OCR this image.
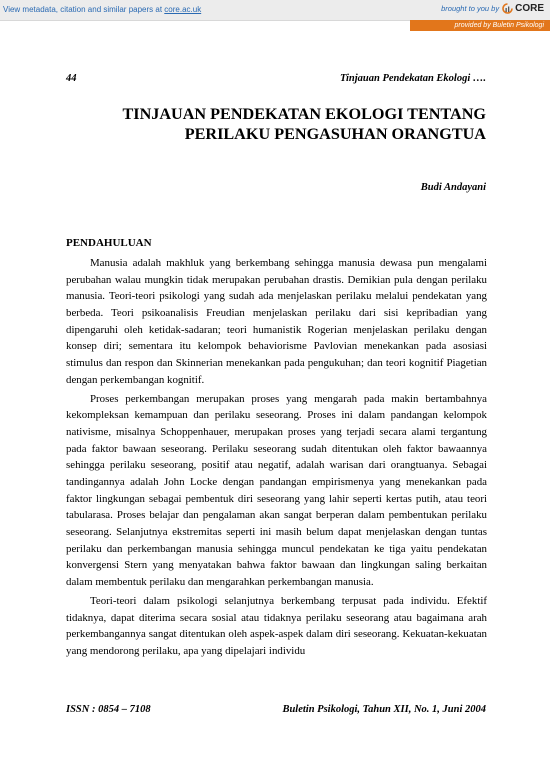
View metadata, citation and similar papers at core.ac.uk	brought to you by CORE
provided by Buletin Psikologi
44	Tinjauan Pendekatan Ekologi ….
TINJAUAN PENDEKATAN EKOLOGI TENTANG
PERILAKU PENGASUHAN ORANGTUA
Budi Andayani
PENDAHULUAN

Manusia adalah makhluk yang berkembang sehingga manusia dewasa pun mengalami perubahan walau mungkin tidak merupakan perubahan drastis. Demikian pula dengan perilaku manusia. Teori-teori psikologi yang sudah ada menjelaskan perilaku melalui pendekatan yang berbeda. Teori psikoanalisis Freudian menjelaskan perilaku dari sisi kepribadian yang dipengaruhi oleh ketidak-sadaran; teori humanistik Rogerian menjelaskan perilaku dengan konsep diri; sementara itu kelompok behaviorisme Pavlovian menekankan pada asosiasi stimulus dan respon dan Skinnerian menekankan pada pengukuhan; dan teori kognitif Piagetian dengan perkembangan kognitif.

Proses perkembangan merupakan proses yang mengarah pada makin bertambahnya kekompleksan kemampuan dan perilaku seseorang. Proses ini dalam pandangan kelompok nativisme, misalnya Schoppenhauer, merupakan proses yang terjadi secara alami tergantung pada faktor bawaan seseorang. Perilaku seseorang sudah ditentukan oleh faktor bawaannya sehingga perilaku seseorang, positif atau negatif, adalah warisan dari orangtuanya. Sebagai tandingannya adalah John Locke dengan pandangan empirismenya yang menekankan pada faktor lingkungan sebagai pembentuk diri seseorang yang lahir seperti kertas putih, atau teori tabularasa. Proses belajar dan pengalaman akan sangat berperan dalam pembentukan perilaku seseorang. Selanjutnya ekstremitas seperti ini masih belum dapat menjelaskan dengan tuntas perilaku dan perkembangan manusia sehingga muncul pendekatan ke tiga yaitu pendekatan konvergensi Stern yang menyatakan bahwa faktor bawaan dan lingkungan saling berkaitan dalam membentuk perilaku dan mengarahkan perkembangan manusia.

Teori-teori dalam psikologi selanjutnya berkembang terpusat pada individu. Efektif tidaknya, dapat diterima secara sosial atau tidaknya perilaku seseorang atau bagaimana arah perkembangannya sangat ditentukan oleh aspek-aspek dalam diri seseorang. Kekuatan-kekuatan yang mendorong perilaku, apa yang dipelajari individu

ISSN : 0854 – 7108	Buletin Psikologi, Tahun XII, No. 1, Juni 2004
